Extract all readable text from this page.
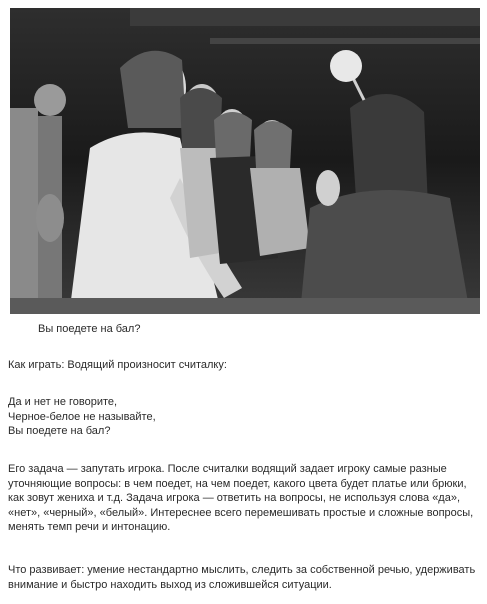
Вы поедете на бал?

Как играть: Водящий произносит считалку:

Да и нет не говорите,
Черное-белое не называйте,
Вы поедете на бал?

Его задача — запутать игрока. После считалки водящий задает игроку самые разные
уточняющие вопросы: в чем поедет, на чем поедет, какого цвета будет платье или брюки,
как зовут жениха и т.д. Задача игрока — ответить на вопросы, не используя слова «да»,
«нет», «черный», «белый». Интереснее всего перемешивать простые и сложные вопросы,
менять темп речи и интонацию.

Что развивает: умение нестандартно мыслить, следить за собственной речью, удерживать
внимание и быстро находить выход из сложившейся ситуации.
